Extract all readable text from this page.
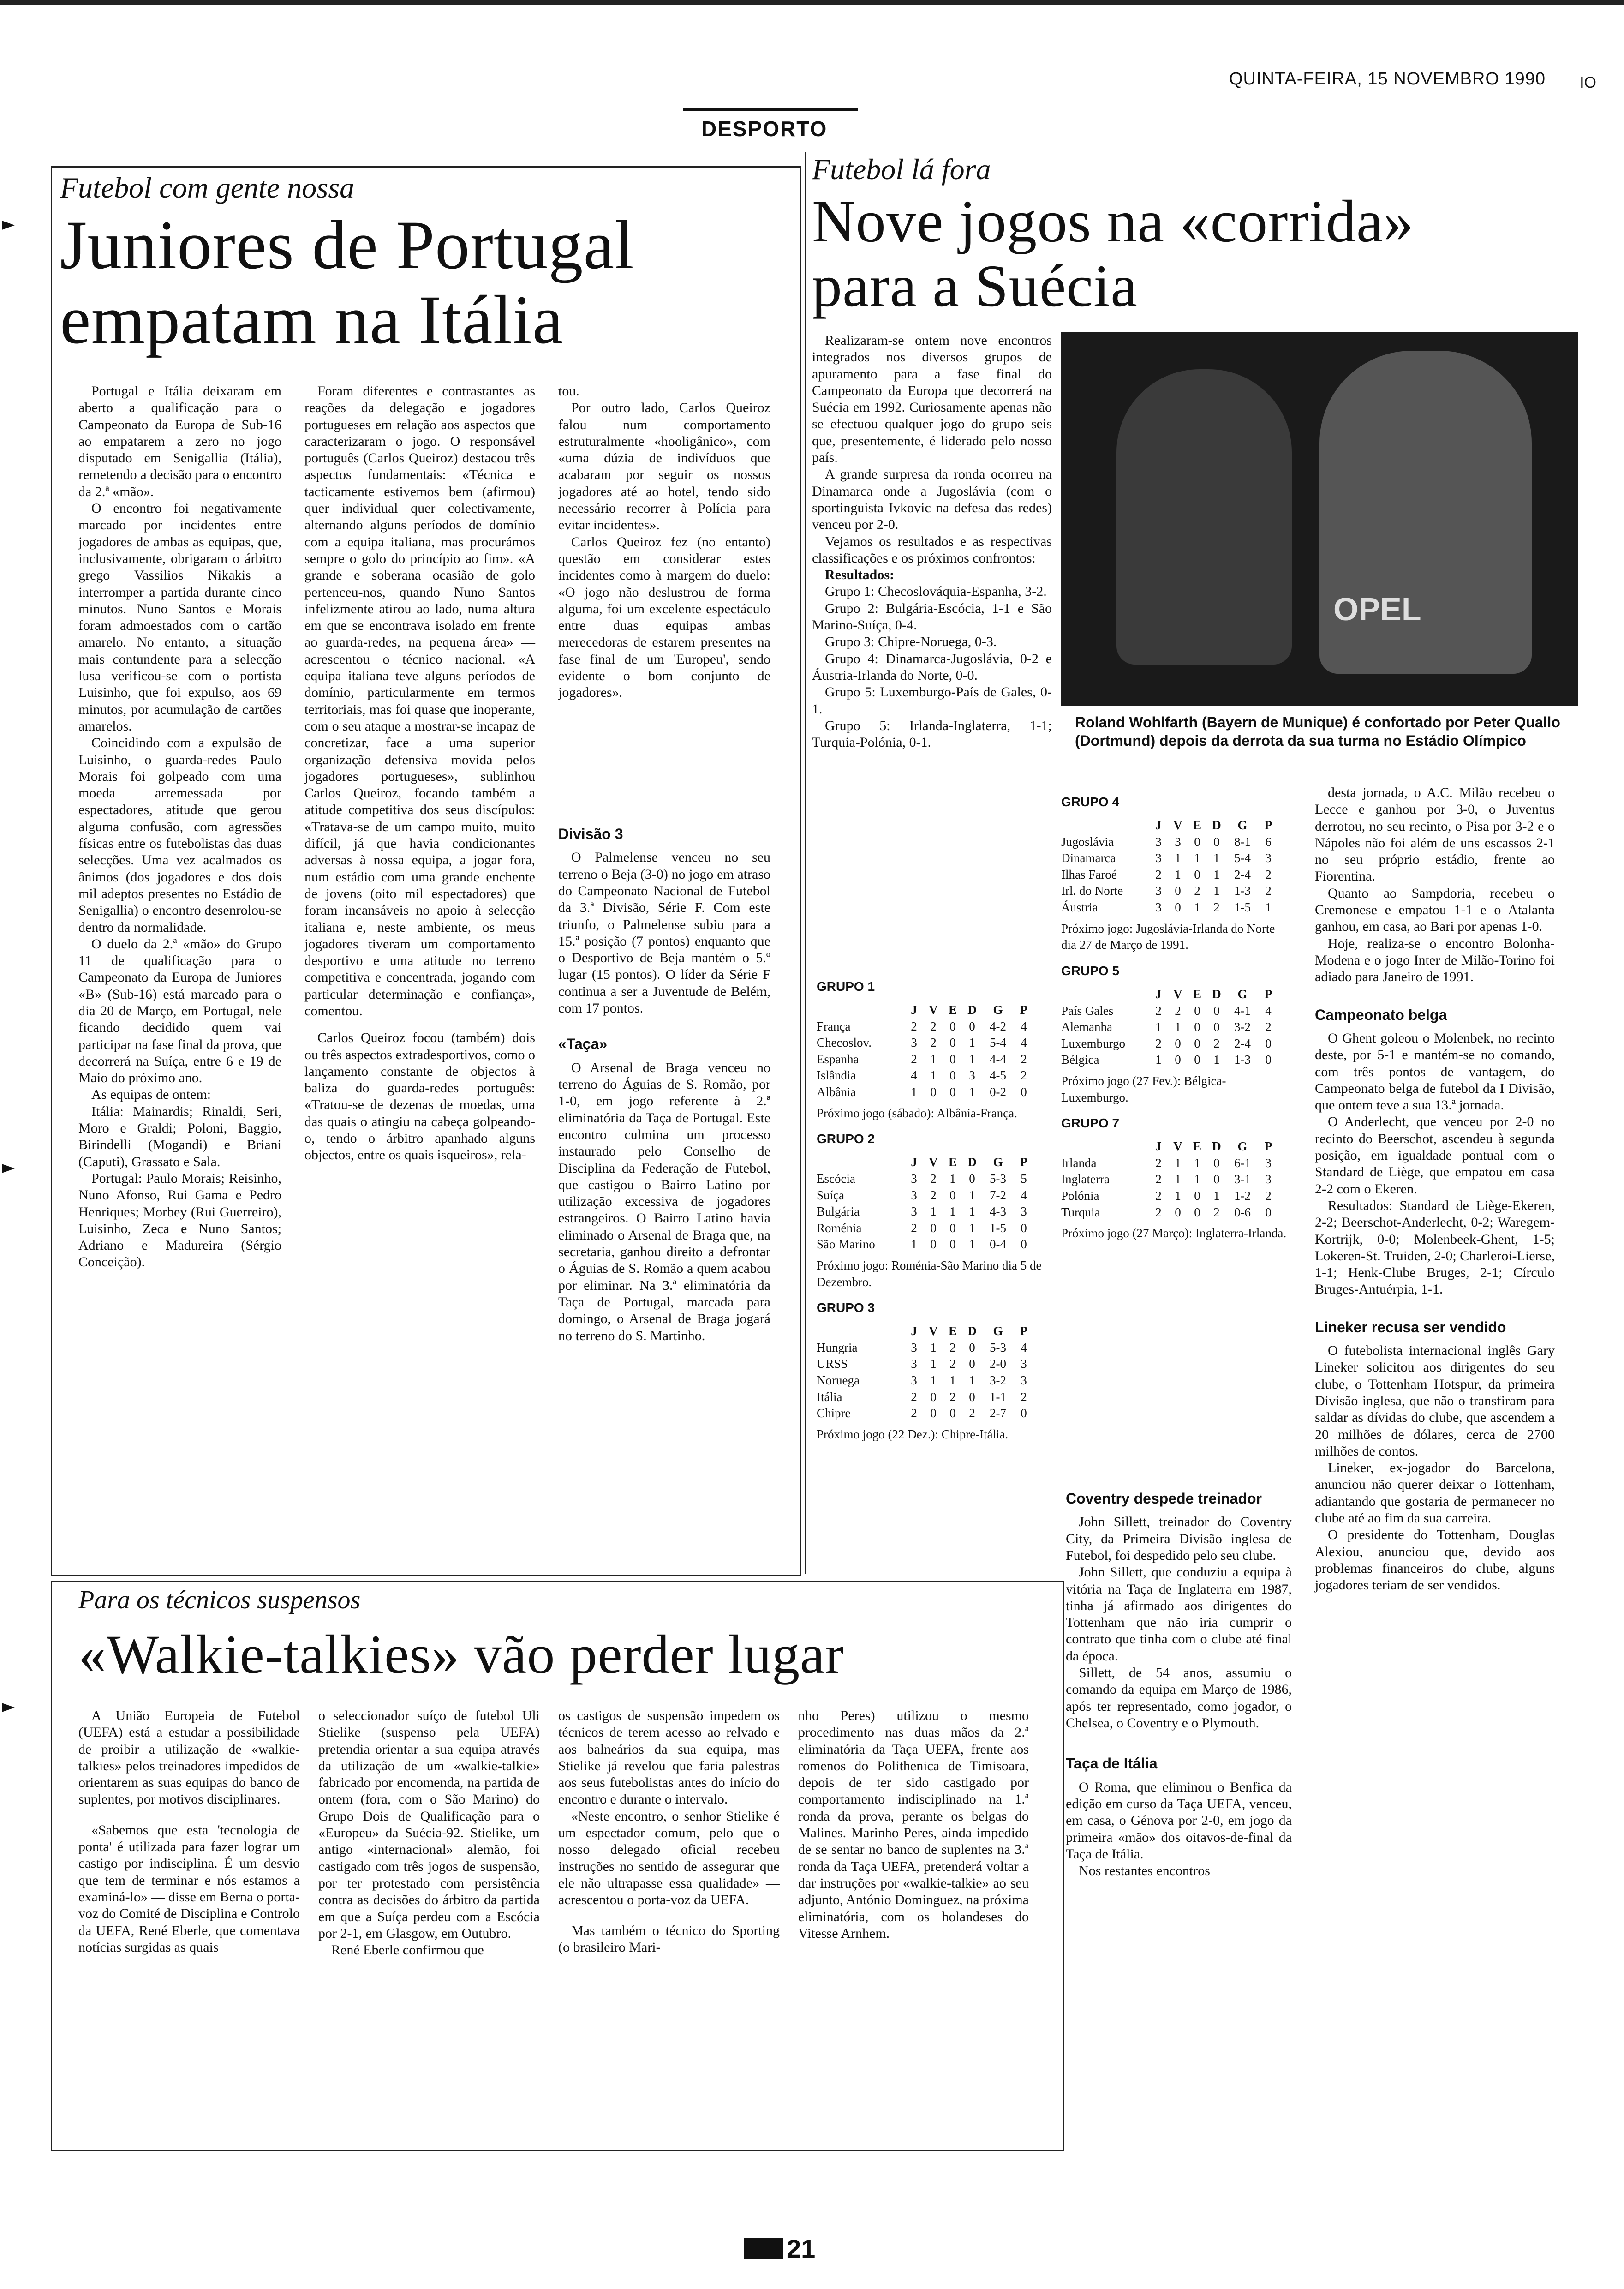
QUINTA-FEIRA, 15 NOVEMBRO 1990 IO
DESPORTO
Futebol com gente nossa
Juniores de Portugal empatam na Itália

Portugal e Itália deixaram em aberto a qualificação para o Campeonato da Europa de Sub-16 ao empatarem a zero no jogo disputado em Senigallia (Itália), remetendo a decisão para o encontro da 2.ª «mão».

O encontro foi negativamente marcado por incidentes entre jogadores de ambas as equipas, que, inclusivamente, obrigaram o árbitro grego Vassilios Nikakis a interromper a partida durante cinco minutos. Nuno Santos e Morais foram admoestados com o cartão amarelo. No entanto, a situação mais contundente para a selecção lusa verificou-se com o portista Luisinho, que foi expulso, aos 69 minutos, por acumulação de cartões amarelos.

Coincidindo com a expulsão de Luisinho, o guarda-redes Paulo Morais foi golpeado com uma moeda arremessada por espectadores, atitude que gerou alguma confusão, com agressões físicas entre os futebolistas das duas selecções. Uma vez acalmados os ânimos (dos jogadores e dos dois mil adeptos presentes no Estádio de Senigallia) o encontro desenrolou-se dentro da normalidade.

O duelo da 2.ª «mão» do Grupo 11 de qualificação para o Campeonato da Europa de Juniores «B» (Sub-16) está marcado para o dia 20 de Março, em Portugal, nele ficando decidido quem vai participar na fase final da prova, que decorrerá na Suíça, entre 6 e 19 de Maio do próximo ano.

As equipas de ontem:

Itália: Mainardis; Rinaldi, Seri, Moro e Graldi; Poloni, Baggio, Birindelli (Mogandi) e Briani (Caputi), Grassato e Sala.

Portugal: Paulo Morais; Reisinho, Nuno Afonso, Rui Gama e Pedro Henriques; Morbey (Rui Guerreiro), Luisinho, Zeca e Nuno Santos; Adriano e Madureira (Sérgio Conceição).

Foram diferentes e contrastantes as reações da delegação e jogadores portugueses em relação aos aspectos que caracterizaram o jogo. O responsável português (Carlos Queiroz) destacou três aspectos fundamentais: «Técnica e tacticamente estivemos bem (afirmou) quer individual quer colectivamente, alternando alguns períodos de domínio com a equipa italiana, mas procurámos sempre o golo do princípio ao fim». «A grande e soberana ocasião de golo pertenceu-nos, quando Nuno Santos infelizmente atirou ao lado, numa altura em que se encontrava isolado em frente ao guarda-redes, na pequena área» — acrescentou o técnico nacional. «A equipa italiana teve alguns períodos de domínio, particularmente em termos territoriais, mas foi quase que inoperante, com o seu ataque a mostrar-se incapaz de concretizar, face a uma superior organização defensiva movida pelos jogadores portugueses», sublinhou Carlos Queiroz, focando também a atitude competitiva dos seus discípulos: «Tratava-se de um campo muito, muito difícil, já que havia condicionantes adversas à nossa equipa, a jogar fora, num estádio com uma grande enchente de jovens (oito mil espectadores) que foram incansáveis no apoio à selecção italiana e, neste ambiente, os meus jogadores tiveram um comportamento desportivo e uma atitude no terreno competitiva e concentrada, jogando com particular determinação e confiança», comentou.

Carlos Queiroz focou (também) dois ou três aspectos extradesportivos, como o lançamento constante de objectos à baliza do guarda-redes português: «Tratou-se de dezenas de moedas, uma das quais o atingiu na cabeça golpeando-o, tendo o árbitro apanhado alguns objectos, entre os quais isqueiros», rela-

tou.

Por outro lado, Carlos Queiroz falou num comportamento estruturalmente «hooligânico», com «uma dúzia de indivíduos que acabaram por seguir os nossos jogadores até ao hotel, tendo sido necessário recorrer à Polícia para evitar incidentes».

Carlos Queiroz fez (no entanto) questão em considerar estes incidentes como à margem do duelo: «O jogo não deslustrou de forma alguma, foi um excelente espectáculo entre duas equipas ambas merecedoras de estarem presentes na fase final de um 'Europeu', sendo evidente o bom conjunto de jogadores».

Divisão 3

O Palmelense venceu no seu terreno o Beja (3-0) no jogo em atraso do Campeonato Nacional de Futebol da 3.ª Divisão, Série F. Com este triunfo, o Palmelense subiu para a 15.ª posição (7 pontos) enquanto que o Desportivo de Beja mantém o 5.º lugar (15 pontos). O líder da Série F continua a ser a Juventude de Belém, com 17 pontos.

«Taça»

O Arsenal de Braga venceu no terreno do Águias de S. Romão, por 1-0, em jogo referente à 2.ª eliminatória da Taça de Portugal. Este encontro culmina um processo instaurado pelo Conselho de Disciplina da Federação de Futebol, que castigou o Bairro Latino por utilização excessiva de jogadores estrangeiros. O Bairro Latino havia eliminado o Arsenal de Braga que, na secretaria, ganhou direito a defrontar o Águias de S. Romão a quem acabou por eliminar. Na 3.ª eliminatória da Taça de Portugal, marcada para domingo, o Arsenal de Braga jogará no terreno do S. Martinho.

Futebol lá fora
Nove jogos na «corrida» para a Suécia

Realizaram-se ontem nove encontros integrados nos diversos grupos de apuramento para a fase final do Campeonato da Europa que decorrerá na Suécia em 1992. Curiosamente apenas não se efectuou qualquer jogo do grupo seis que, presentemente, é liderado pelo nosso país.

A grande surpresa da ronda ocorreu na Dinamarca onde a Jugoslávia (com o sportinguista Ivkovic na defesa das redes) venceu por 2-0.

Vejamos os resultados e as respectivas classificações e os próximos confrontos:

Resultados:

Grupo 1: Checoslováquia-Espanha, 3-2.

Grupo 2: Bulgária-Escócia, 1-1 e São Marino-Suíça, 0-4.

Grupo 3: Chipre-Noruega, 0-3.

Grupo 4: Dinamarca-Jugoslávia, 0-2 e Áustria-Irlanda do Norte, 0-0.

Grupo 5: Luxemburgo-País de Gales, 0-1.

Grupo 5: Irlanda-Inglaterra, 1-1; Turquia-Polónia, 0-1.

OPEL
Roland Wohlfarth (Bayern de Munique) é confortado por Peter Quallo (Dortmund) depois da derrota da sua turma no Estádio Olímpico
GRUPO 1
J V E D	G	P
França	2	2	0	0	4-2	4
Checoslov.	3	2	0	1	5-4	4
Espanha	2	1	0	1	4-4	2
Islândia	4	1	0	3	4-5	2
Albânia	1	0	0	1	0-2	0
Próximo jogo (sábado): Albânia-França.
GRUPO 2
J V E D	G	P
Escócia	3	2	1	0	5-3	5
Suíça	3	2	0	1	7-2	4
Bulgária	3	1	1	1	4-3	3
Roménia	2	0	0	1	1-5	0
São Marino	1	0	0	1	0-4	0
Próximo jogo: Roménia-São Marino dia 5 de Dezembro.
GRUPO 3
J V E D	G	P
Hungria	3	1	2	0	5-3	4
URSS	3	1	2	0	2-0	3
Noruega	3	1	1	1	3-2	3
Itália	2	0	2	0	1-1	2
Chipre	2	0	0	2	2-7	0
Próximo jogo (22 Dez.): Chipre-Itália.
GRUPO 4
J V E D	G	P
Jugoslávia	3	3	0	0	8-1	6
Dinamarca	3	1	1	1	5-4	3
Ilhas Faroé	2	1	0	1	2-4	2
Irl. do Norte	3	0	2	1	1-3	2
Áustria	3	0	1	2	1-5	1
Próximo jogo: Jugoslávia-Irlanda do Norte dia 27 de Março de 1991.
GRUPO 5
J V E D	G	P
País Gales	2	2	0	0	4-1	4
Alemanha	1	1	0	0	3-2	2
Luxemburgo	2	0	0	2	2-4	0
Bélgica	1	0	0	1	1-3	0
Próximo jogo (27 Fev.): Bélgica-Luxemburgo.
GRUPO 7
J V E D	G	P
Irlanda	2	1	1	0	6-1	3
Inglaterra	2	1	1	0	3-1	3
Polónia	2	1	0	1	1-2	2
Turquia	2	0	0	2	0-6	0
Próximo jogo (27 Março): Inglaterra-Irlanda.
Coventry despede treinador

John Sillett, treinador do Coventry City, da Primeira Divisão inglesa de Futebol, foi despedido pelo seu clube.

John Sillett, que conduziu a equipa à vitória na Taça de Inglaterra em 1987, tinha já afirmado aos dirigentes do Tottenham que não iria cumprir o contrato que tinha com o clube até final da época.

Sillett, de 54 anos, assumiu o comando da equipa em Março de 1986, após ter representado, como jogador, o Chelsea, o Coventry e o Plymouth.

Taça de Itália

O Roma, que eliminou o Benfica da edição em curso da Taça UEFA, venceu, em casa, o Génova por 2-0, em jogo da primeira «mão» dos oitavos-de-final da Taça de Itália.

Nos restantes encontros

desta jornada, o A.C. Milão recebeu o Lecce e ganhou por 3-0, o Juventus derrotou, no seu recinto, o Pisa por 3-2 e o Nápoles não foi além de uns escassos 2-1 no seu próprio estádio, frente ao Fiorentina.

Quanto ao Sampdoria, recebeu o Cremonese e empatou 1-1 e o Atalanta ganhou, em casa, ao Bari por apenas 1-0.

Hoje, realiza-se o encontro Bolonha-Modena e o jogo Inter de Milão-Torino foi adiado para Janeiro de 1991.

Campeonato belga

O Ghent goleou o Molenbek, no recinto deste, por 5-1 e mantém-se no comando, com três pontos de vantagem, do Campeonato belga de futebol da I Divisão, que ontem teve a sua 13.ª jornada.

O Anderlecht, que venceu por 2-0 no recinto do Beerschot, ascendeu à segunda posição, em igualdade pontual com o Standard de Liège, que empatou em casa 2-2 com o Ekeren.

Resultados: Standard de Liège-Ekeren, 2-2; Beerschot-Anderlecht, 0-2; Waregem-Kortrijk, 0-0; Molenbeek-Ghent, 1-5; Lokeren-St. Truiden, 2-0; Charleroi-Lierse, 1-1; Henk-Clube Bruges, 2-1; Círculo Bruges-Antuérpia, 1-1.

Lineker recusa ser vendido

O futebolista internacional inglês Gary Lineker solicitou aos dirigentes do seu clube, o Tottenham Hotspur, da primeira Divisão inglesa, que não o transfiram para saldar as dívidas do clube, que ascendem a 20 milhões de dólares, cerca de 2700 milhões de contos.

Lineker, ex-jogador do Barcelona, anunciou não querer deixar o Tottenham, adiantando que gostaria de permanecer no clube até ao fim da sua carreira.

O presidente do Tottenham, Douglas Alexiou, anunciou que, devido aos problemas financeiros do clube, alguns jogadores teriam de ser vendidos.

Para os técnicos suspensos
«Walkie-talkies» vão perder lugar

A União Europeia de Futebol (UEFA) está a estudar a possibilidade de proibir a utilização de «walkie-talkies» pelos treinadores impedidos de orientarem as suas equipas do banco de suplentes, por motivos disciplinares.

«Sabemos que esta 'tecnologia de ponta' é utilizada para fazer lograr um castigo por indisciplina. É um desvio que tem de terminar e nós estamos a examiná-lo» — disse em Berna o porta-voz do Comité de Disciplina e Controlo da UEFA, René Eberle, que comentava notícias surgidas as quais

o seleccionador suíço de futebol Uli Stielike (suspenso pela UEFA) pretendia orientar a sua equipa através da utilização de um «walkie-talkie» fabricado por encomenda, na partida de ontem (fora, com o São Marino) do Grupo Dois de Qualificação para o «Europeu» da Suécia-92. Stielike, um antigo «internacional» alemão, foi castigado com três jogos de suspensão, por ter protestado com persistência contra as decisões do árbitro da partida em que a Suíça perdeu com a Escócia por 2-1, em Glasgow, em Outubro.

René Eberle confirmou que

os castigos de suspensão impedem os técnicos de terem acesso ao relvado e aos balneários da sua equipa, mas Stielike já revelou que faria palestras aos seus futebolistas antes do início do encontro e durante o intervalo.

«Neste encontro, o senhor Stielike é um espectador comum, pelo que o nosso delegado oficial recebeu instruções no sentido de assegurar que ele não ultrapasse essa qualidade» — acrescentou o porta-voz da UEFA.

Mas também o técnico do Sporting (o brasileiro Mari-

nho Peres) utilizou o mesmo procedimento nas duas mãos da 2.ª eliminatória da Taça UEFA, frente aos romenos do Polithenica de Timisoara, depois de ter sido castigado por comportamento indisciplinado na 1.ª ronda da prova, perante os belgas do Malines. Marinho Peres, ainda impedido de se sentar no banco de suplentes na 3.ª ronda da Taça UEFA, pretenderá voltar a dar instruções por «walkie-talkie» ao seu adjunto, António Dominguez, na próxima eliminatória, com os holandeses do Vitesse Arnhem.

21
